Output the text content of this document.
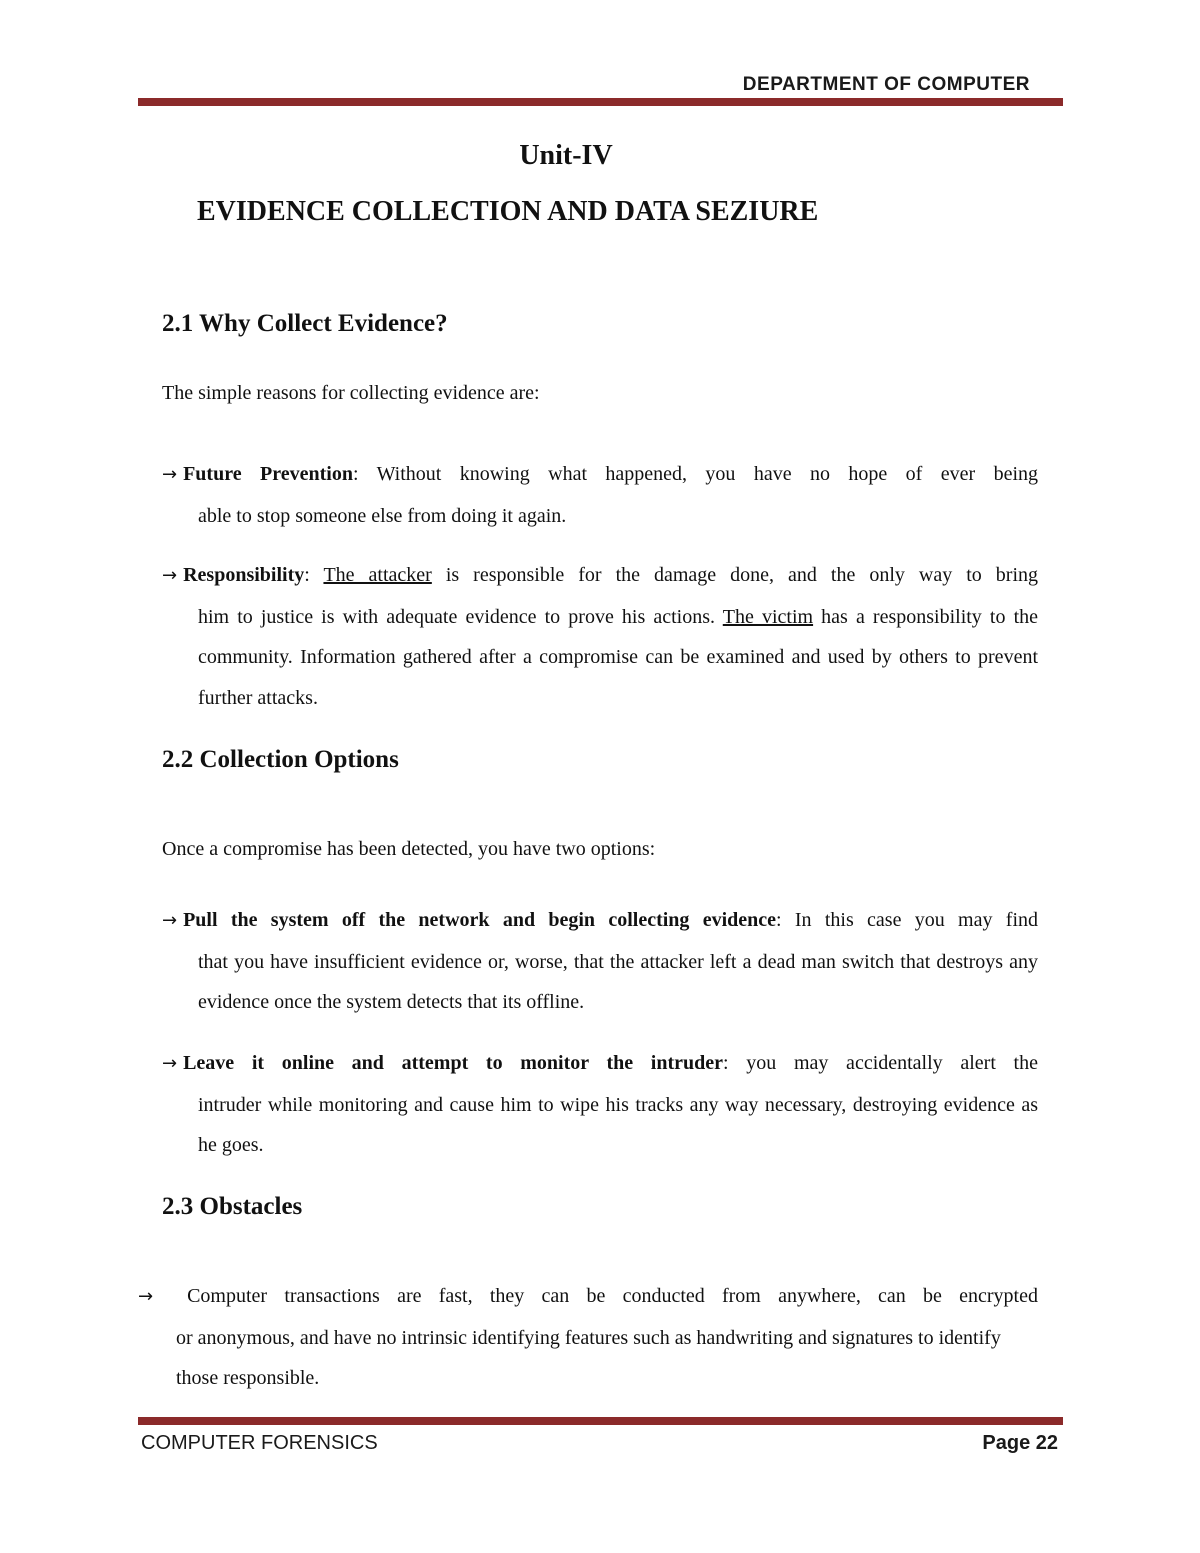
DEPARTMENT OF COMPUTER
Unit-IV
EVIDENCE COLLECTION AND DATA SEZIURE
2.1 Why Collect Evidence?
The simple reasons for collecting evidence are:
→ Future Prevention: Without knowing what happened, you have no hope of ever being
able to stop someone else from doing it again.
→ Responsibility: The attacker is responsible for the damage done, and the only way to bring
him to justice is with adequate evidence to prove his actions. The victim has a responsibility to the community. Information gathered after a compromise can be examined and used by others to prevent further attacks.
2.2 Collection Options
Once a compromise has been detected, you have two options:
→ Pull the system off the network and begin collecting evidence: In this case you may find
that you have insufficient evidence or, worse, that the attacker left a dead man switch that destroys any evidence once the system detects that its offline.
→ Leave it online and attempt to monitor the intruder: you may accidentally alert the
intruder while monitoring and cause him to wipe his tracks any way necessary, destroying evidence as he goes.
2.3 Obstacles
→ Computer transactions are fast, they can be conducted from anywhere, can be encrypted
or anonymous, and have no intrinsic identifying features such as handwriting and signatures to identify those responsible.
COMPUTER FORENSICS	Page 22
